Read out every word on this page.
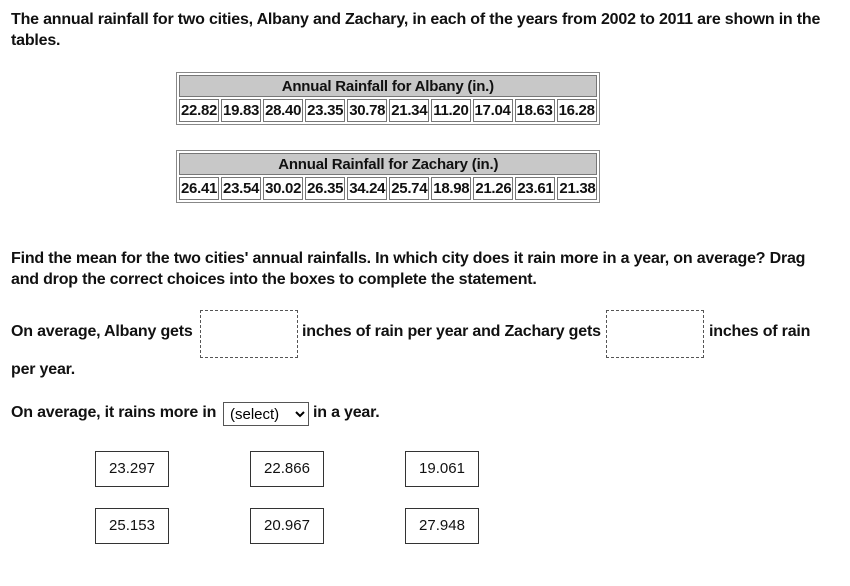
The annual rainfall for two cities, Albany and Zachary, in each of the years from 2002 to 2011 are shown in the tables.
Annual Rainfall for Albany (in.)
22.82	19.83	28.40	23.35	30.78	21.34	11.20	17.04	18.63	16.28
Annual Rainfall for Zachary (in.)
26.41	23.54	30.02	26.35	34.24	25.74	18.98	21.26	23.61	21.38
Find the mean for the two cities' annual rainfalls. In which city does it rain more in a year, on average? Drag and drop the correct choices into the boxes to complete the statement.
On average, Albany gets	inches of rain per year and Zachary gets	inches of rain
per year.
On average, it rains more in
(select)	in a year.
23.297	22.866	19.061
25.153	20.967	27.948
